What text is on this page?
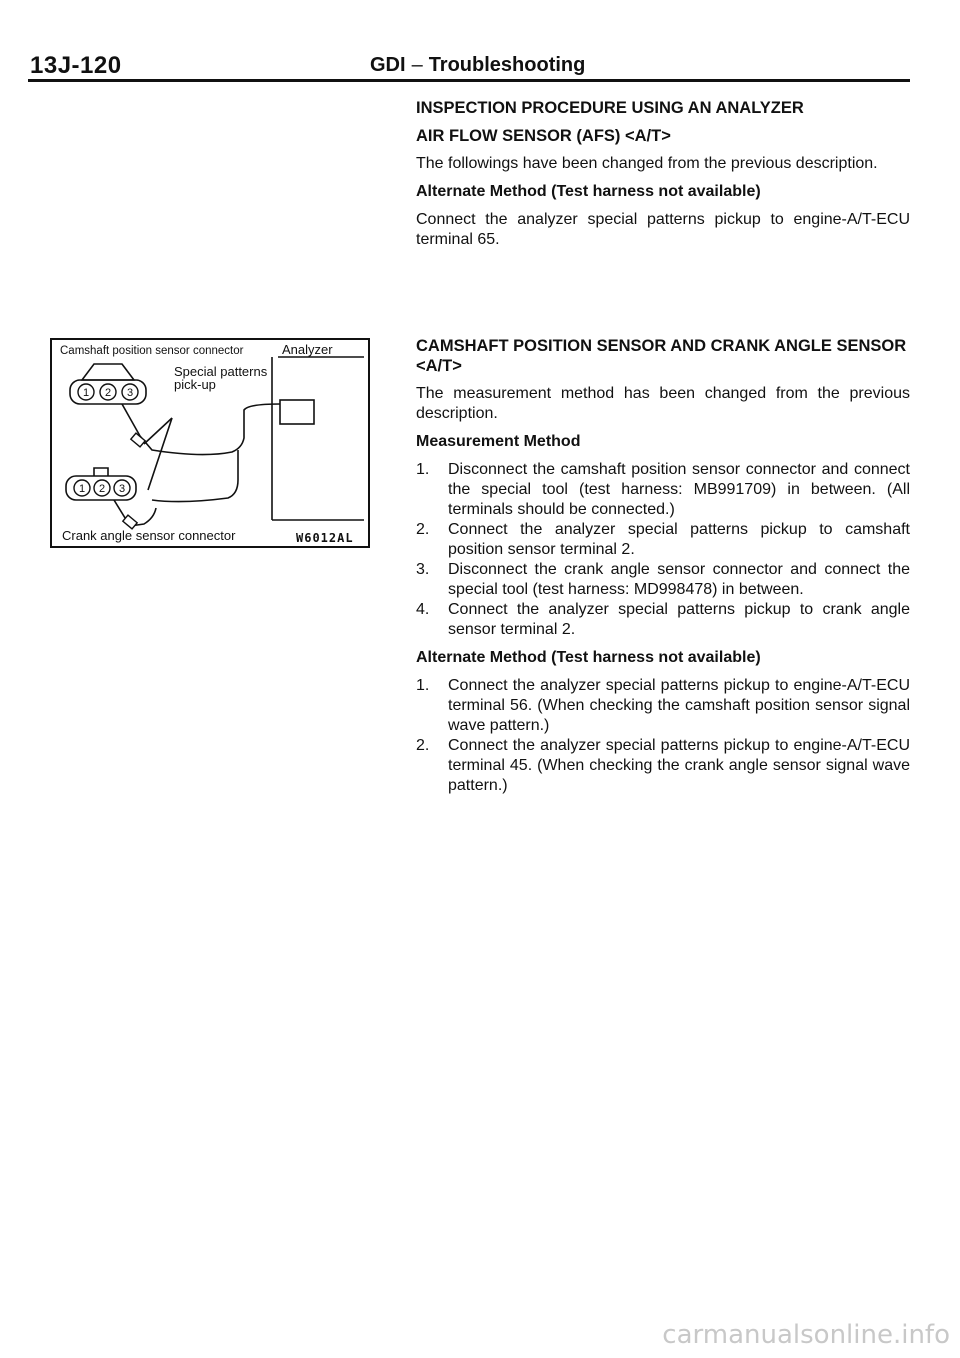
13J-120	GDI – Troubleshooting
INSPECTION PROCEDURE USING AN ANALYZER
AIR FLOW SENSOR (AFS) <A/T>
The followings have been changed from the previous description.
Alternate Method (Test harness not available)
Connect the analyzer special patterns pickup to engine-A/T-ECU terminal 65.
1 2 3
1 2 3
Camshaft position sensor connector	Analyzer
Special patterns
pick-up
Crank angle sensor connector	W6012AL
CAMSHAFT POSITION SENSOR AND CRANK ANGLE SENSOR <A/T>
The measurement method has been changed from the previous description.
Measurement Method
1. Disconnect the camshaft position sensor connector and connect the special tool (test harness: MB991709) in between. (All terminals should be connected.)
2. Connect the analyzer special patterns pickup to camshaft position sensor terminal 2.
3. Disconnect the crank angle sensor connector and connect the special tool (test harness: MD998478) in between.
4. Connect the analyzer special patterns pickup to crank angle sensor terminal 2.
Alternate Method (Test harness not available)
1. Connect the analyzer special patterns pickup to engine-A/T-ECU terminal 56. (When checking the camshaft position sensor signal wave pattern.)
2. Connect the analyzer special patterns pickup to engine-A/T-ECU terminal 45. (When checking the crank angle sensor signal wave pattern.)
carmanualsonline.info
